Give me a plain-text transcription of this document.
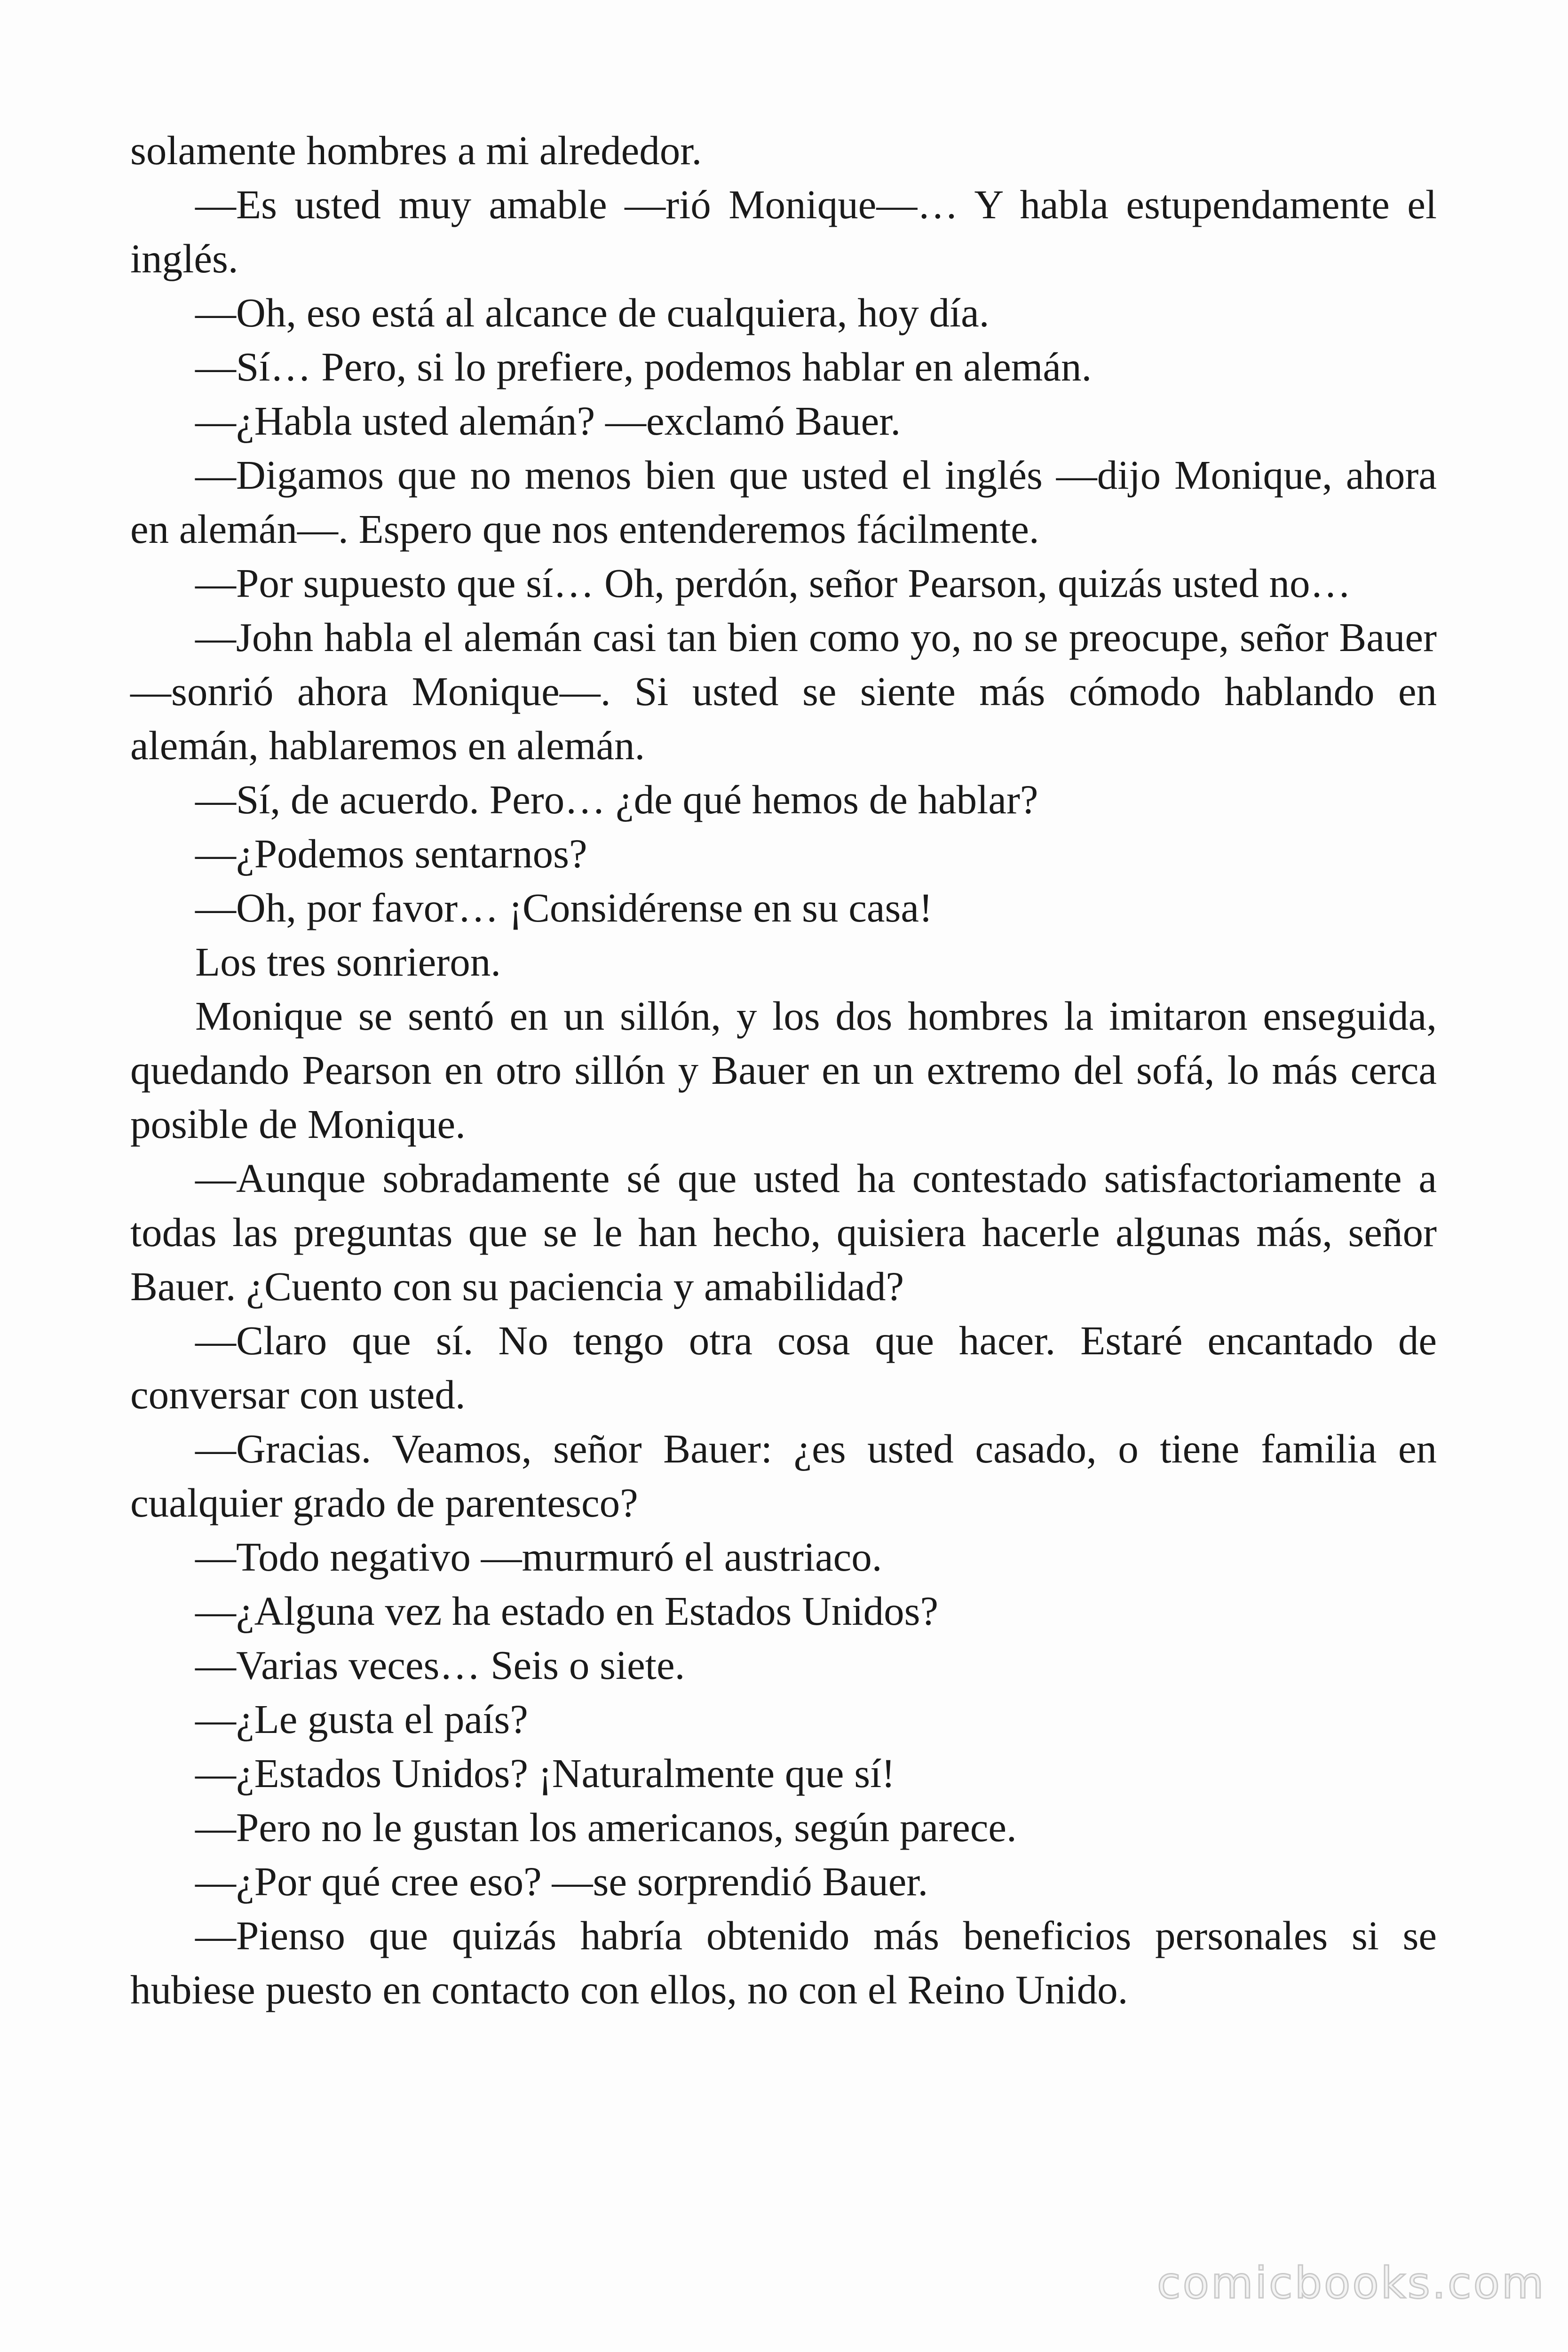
solamente hombres a mi alrededor.

—Es usted muy amable —rió Monique—… Y habla estupendamente el inglés.

—Oh, eso está al alcance de cualquiera, hoy día.

—Sí… Pero, si lo prefiere, podemos hablar en alemán.

—¿Habla usted alemán? —exclamó Bauer.

—Digamos que no menos bien que usted el inglés —dijo Monique, ahora en alemán—. Espero que nos entenderemos fácilmente.

—Por supuesto que sí… Oh, perdón, señor Pearson, quizás usted no…

—John habla el alemán casi tan bien como yo, no se preocupe, señor Bauer —sonrió ahora Monique—. Si usted se siente más cómodo hablando en alemán, hablaremos en alemán.

—Sí, de acuerdo. Pero… ¿de qué hemos de hablar?

—¿Podemos sentarnos?

—Oh, por favor… ¡Considérense en su casa!

Los tres sonrieron.

Monique se sentó en un sillón, y los dos hombres la imitaron enseguida, quedando Pearson en otro sillón y Bauer en un extremo del sofá, lo más cerca posible de Monique.

—Aunque sobradamente sé que usted ha contestado satisfactoriamente a todas las preguntas que se le han hecho, quisiera hacerle algunas más, señor Bauer. ¿Cuento con su paciencia y amabilidad?

—Claro que sí. No tengo otra cosa que hacer. Estaré encantado de conversar con usted.

—Gracias. Veamos, señor Bauer: ¿es usted casado, o tiene familia en cualquier grado de parentesco?

—Todo negativo —murmuró el austriaco.

—¿Alguna vez ha estado en Estados Unidos?

—Varias veces… Seis o siete.

—¿Le gusta el país?

—¿Estados Unidos? ¡Naturalmente que sí!

—Pero no le gustan los americanos, según parece.

—¿Por qué cree eso? —se sorprendió Bauer.

—Pienso que quizás habría obtenido más beneficios personales si se hubiese puesto en contacto con ellos, no con el Reino Unido.

comicbooks.com
